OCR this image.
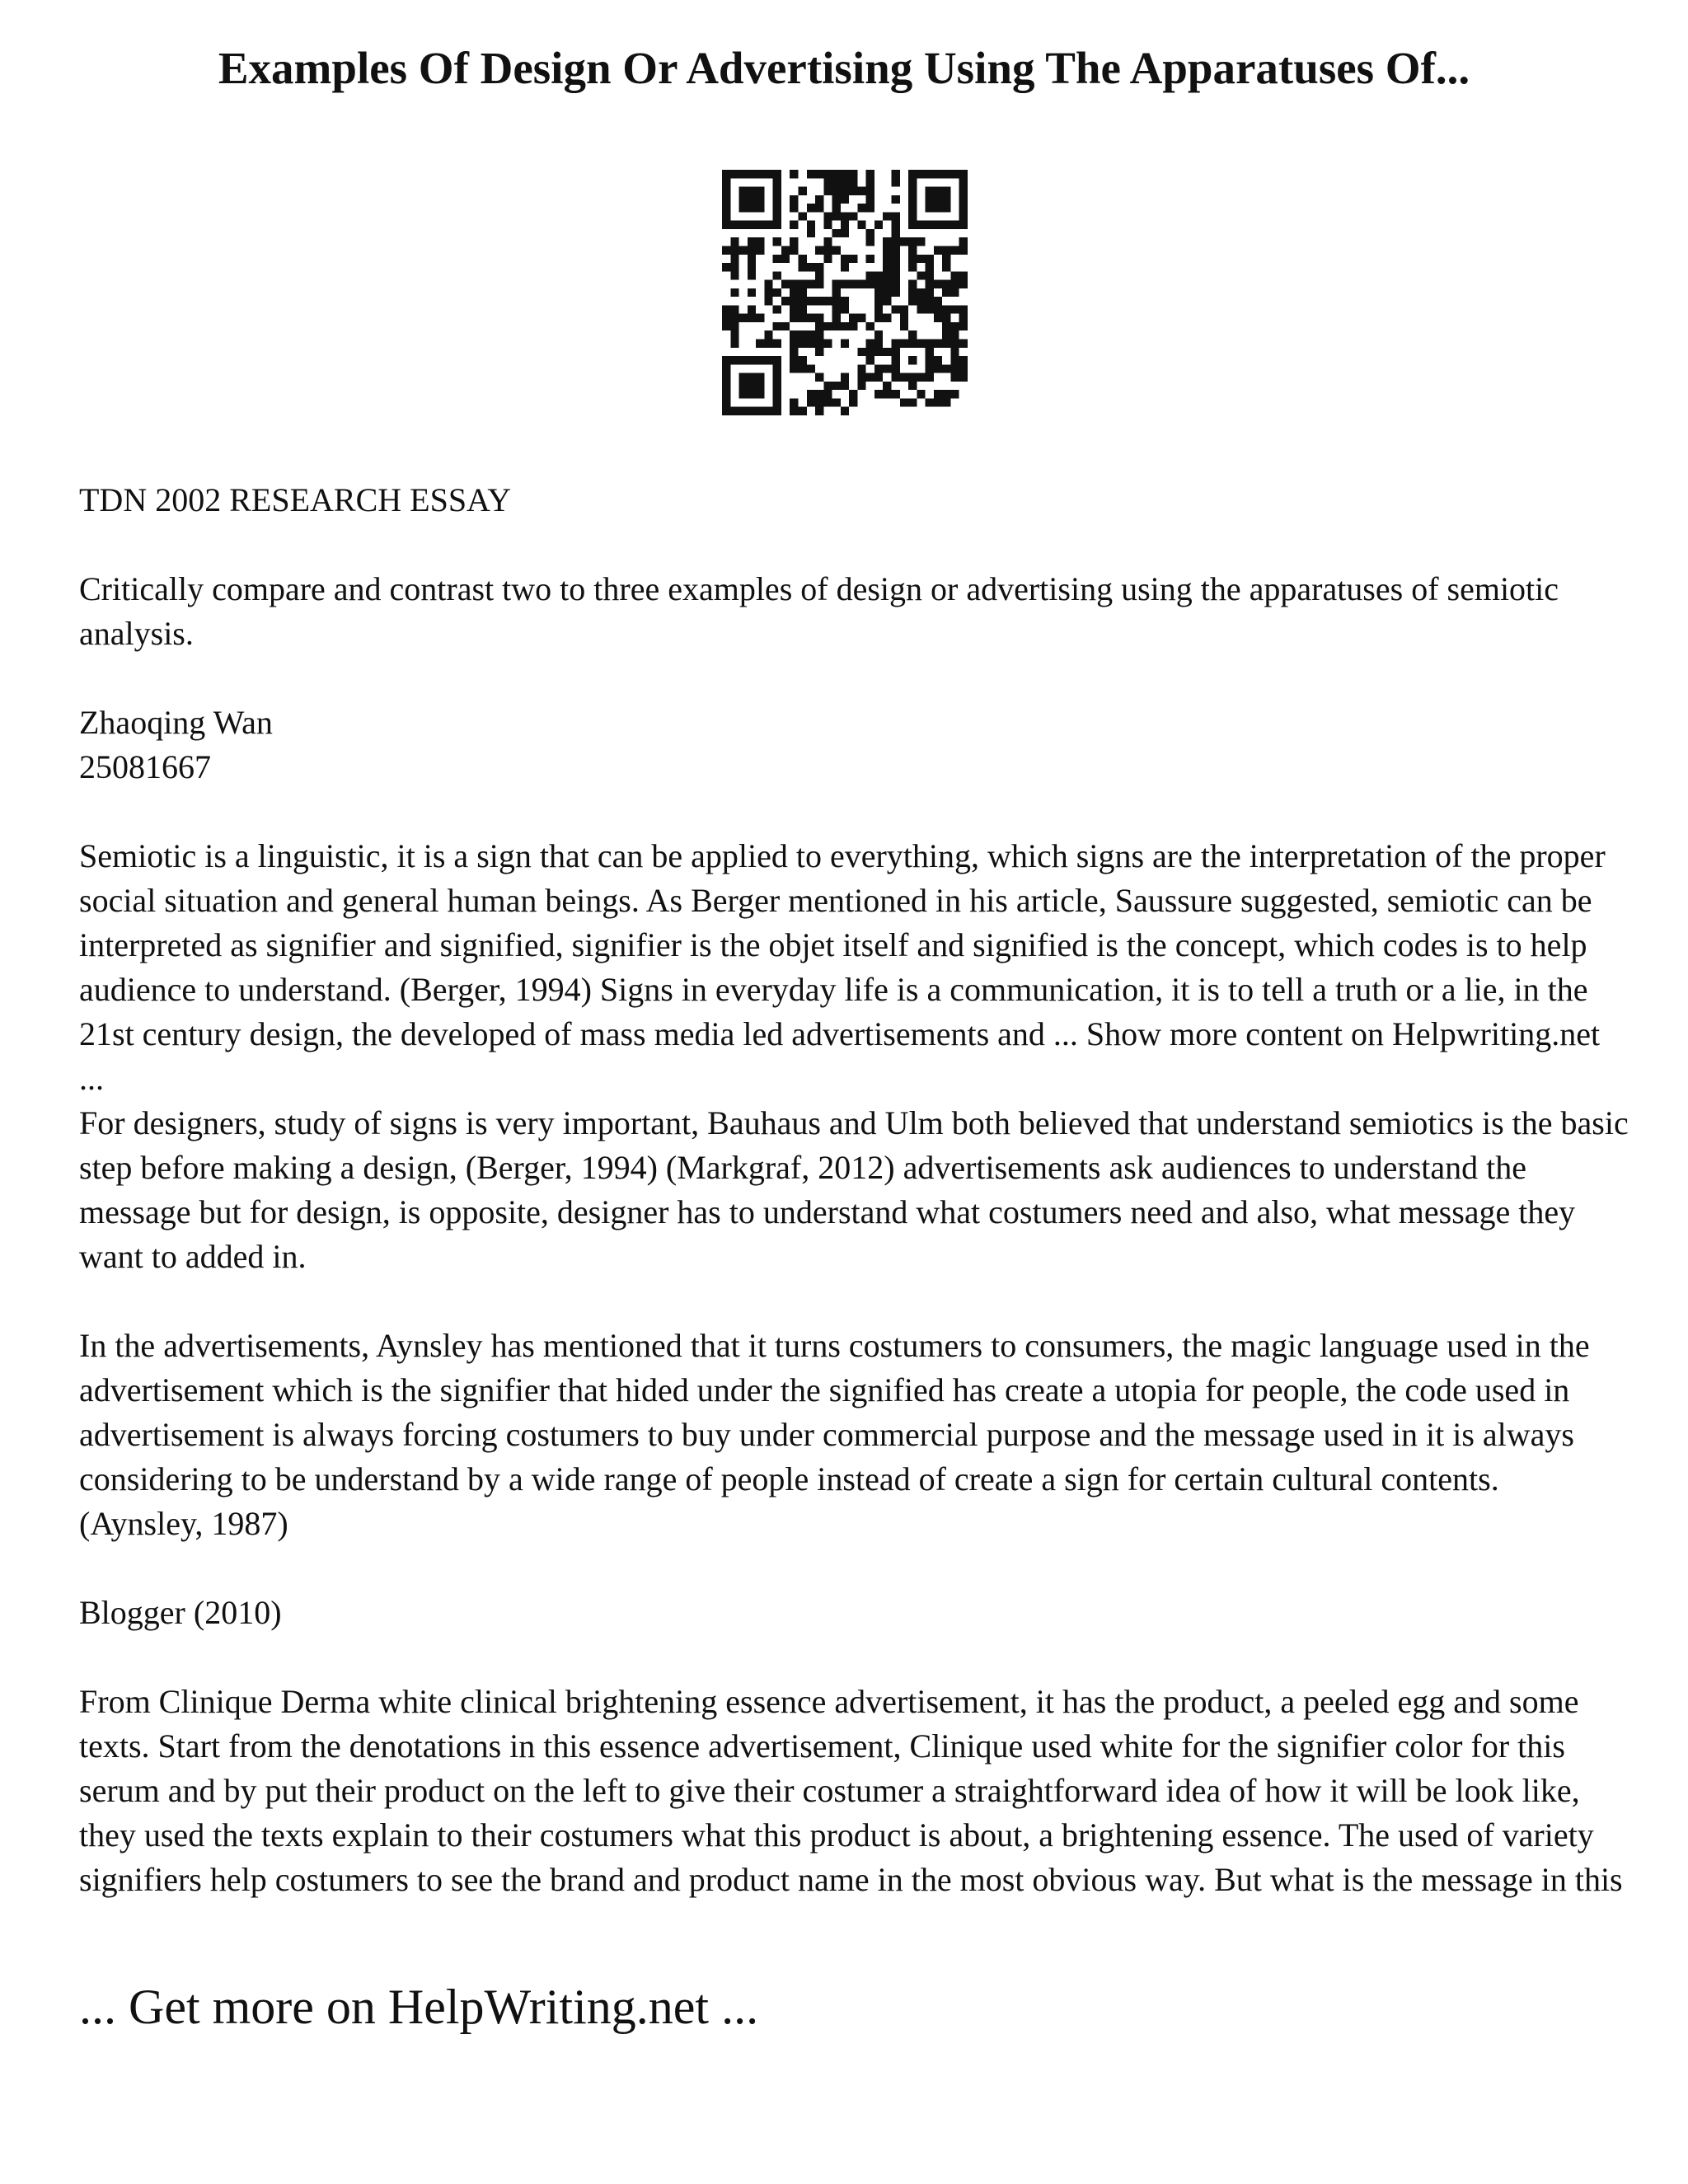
Examples Of Design Or Advertising Using The Apparatuses Of...

TDN 2002 RESEARCH ESSAY

Critically compare and contrast two to three examples of design or advertising using the apparatuses of semiotic analysis.

Zhaoqing Wan

25081667

Semiotic is a linguistic, it is a sign that can be applied to everything, which signs are the interpretation of the proper social situation and general human beings. As Berger mentioned in his article, Saussure suggested, semiotic can be interpreted as signifier and signified, signifier is the objet itself and signified is the concept, which codes is to help audience to understand. (Berger, 1994) Signs in everyday life is a communication, it is to tell a truth or a lie, in the 21st century design, the developed of mass media led advertisements and ... Show more content on Helpwriting.net ...

For designers, study of signs is very important, Bauhaus and Ulm both believed that understand semiotics is the basic step before making a design, (Berger, 1994) (Markgraf, 2012) advertisements ask audiences to understand the message but for design, is opposite, designer has to understand what costumers need and also, what message they want to added in.

In the advertisements, Aynsley has mentioned that it turns costumers to consumers, the magic language used in the advertisement which is the signifier that hided under the signified has create a utopia for people, the code used in advertisement is always forcing costumers to buy under commercial purpose and the message used in it is always considering to be understand by a wide range of people instead of create a sign for certain cultural contents. (Aynsley, 1987)

Blogger (2010)

From Clinique Derma white clinical brightening essence advertisement, it has the product, a peeled egg and some texts. Start from the denotations in this essence advertisement, Clinique used white for the signifier color for this serum and by put their product on the left to give their costumer a straightforward idea of how it will be look like, they used the texts explain to their costumers what this product is about, a brightening essence. The used of variety signifiers help costumers to see the brand and product name in the most obvious way. But what is the message in this

... Get more on HelpWriting.net ...
